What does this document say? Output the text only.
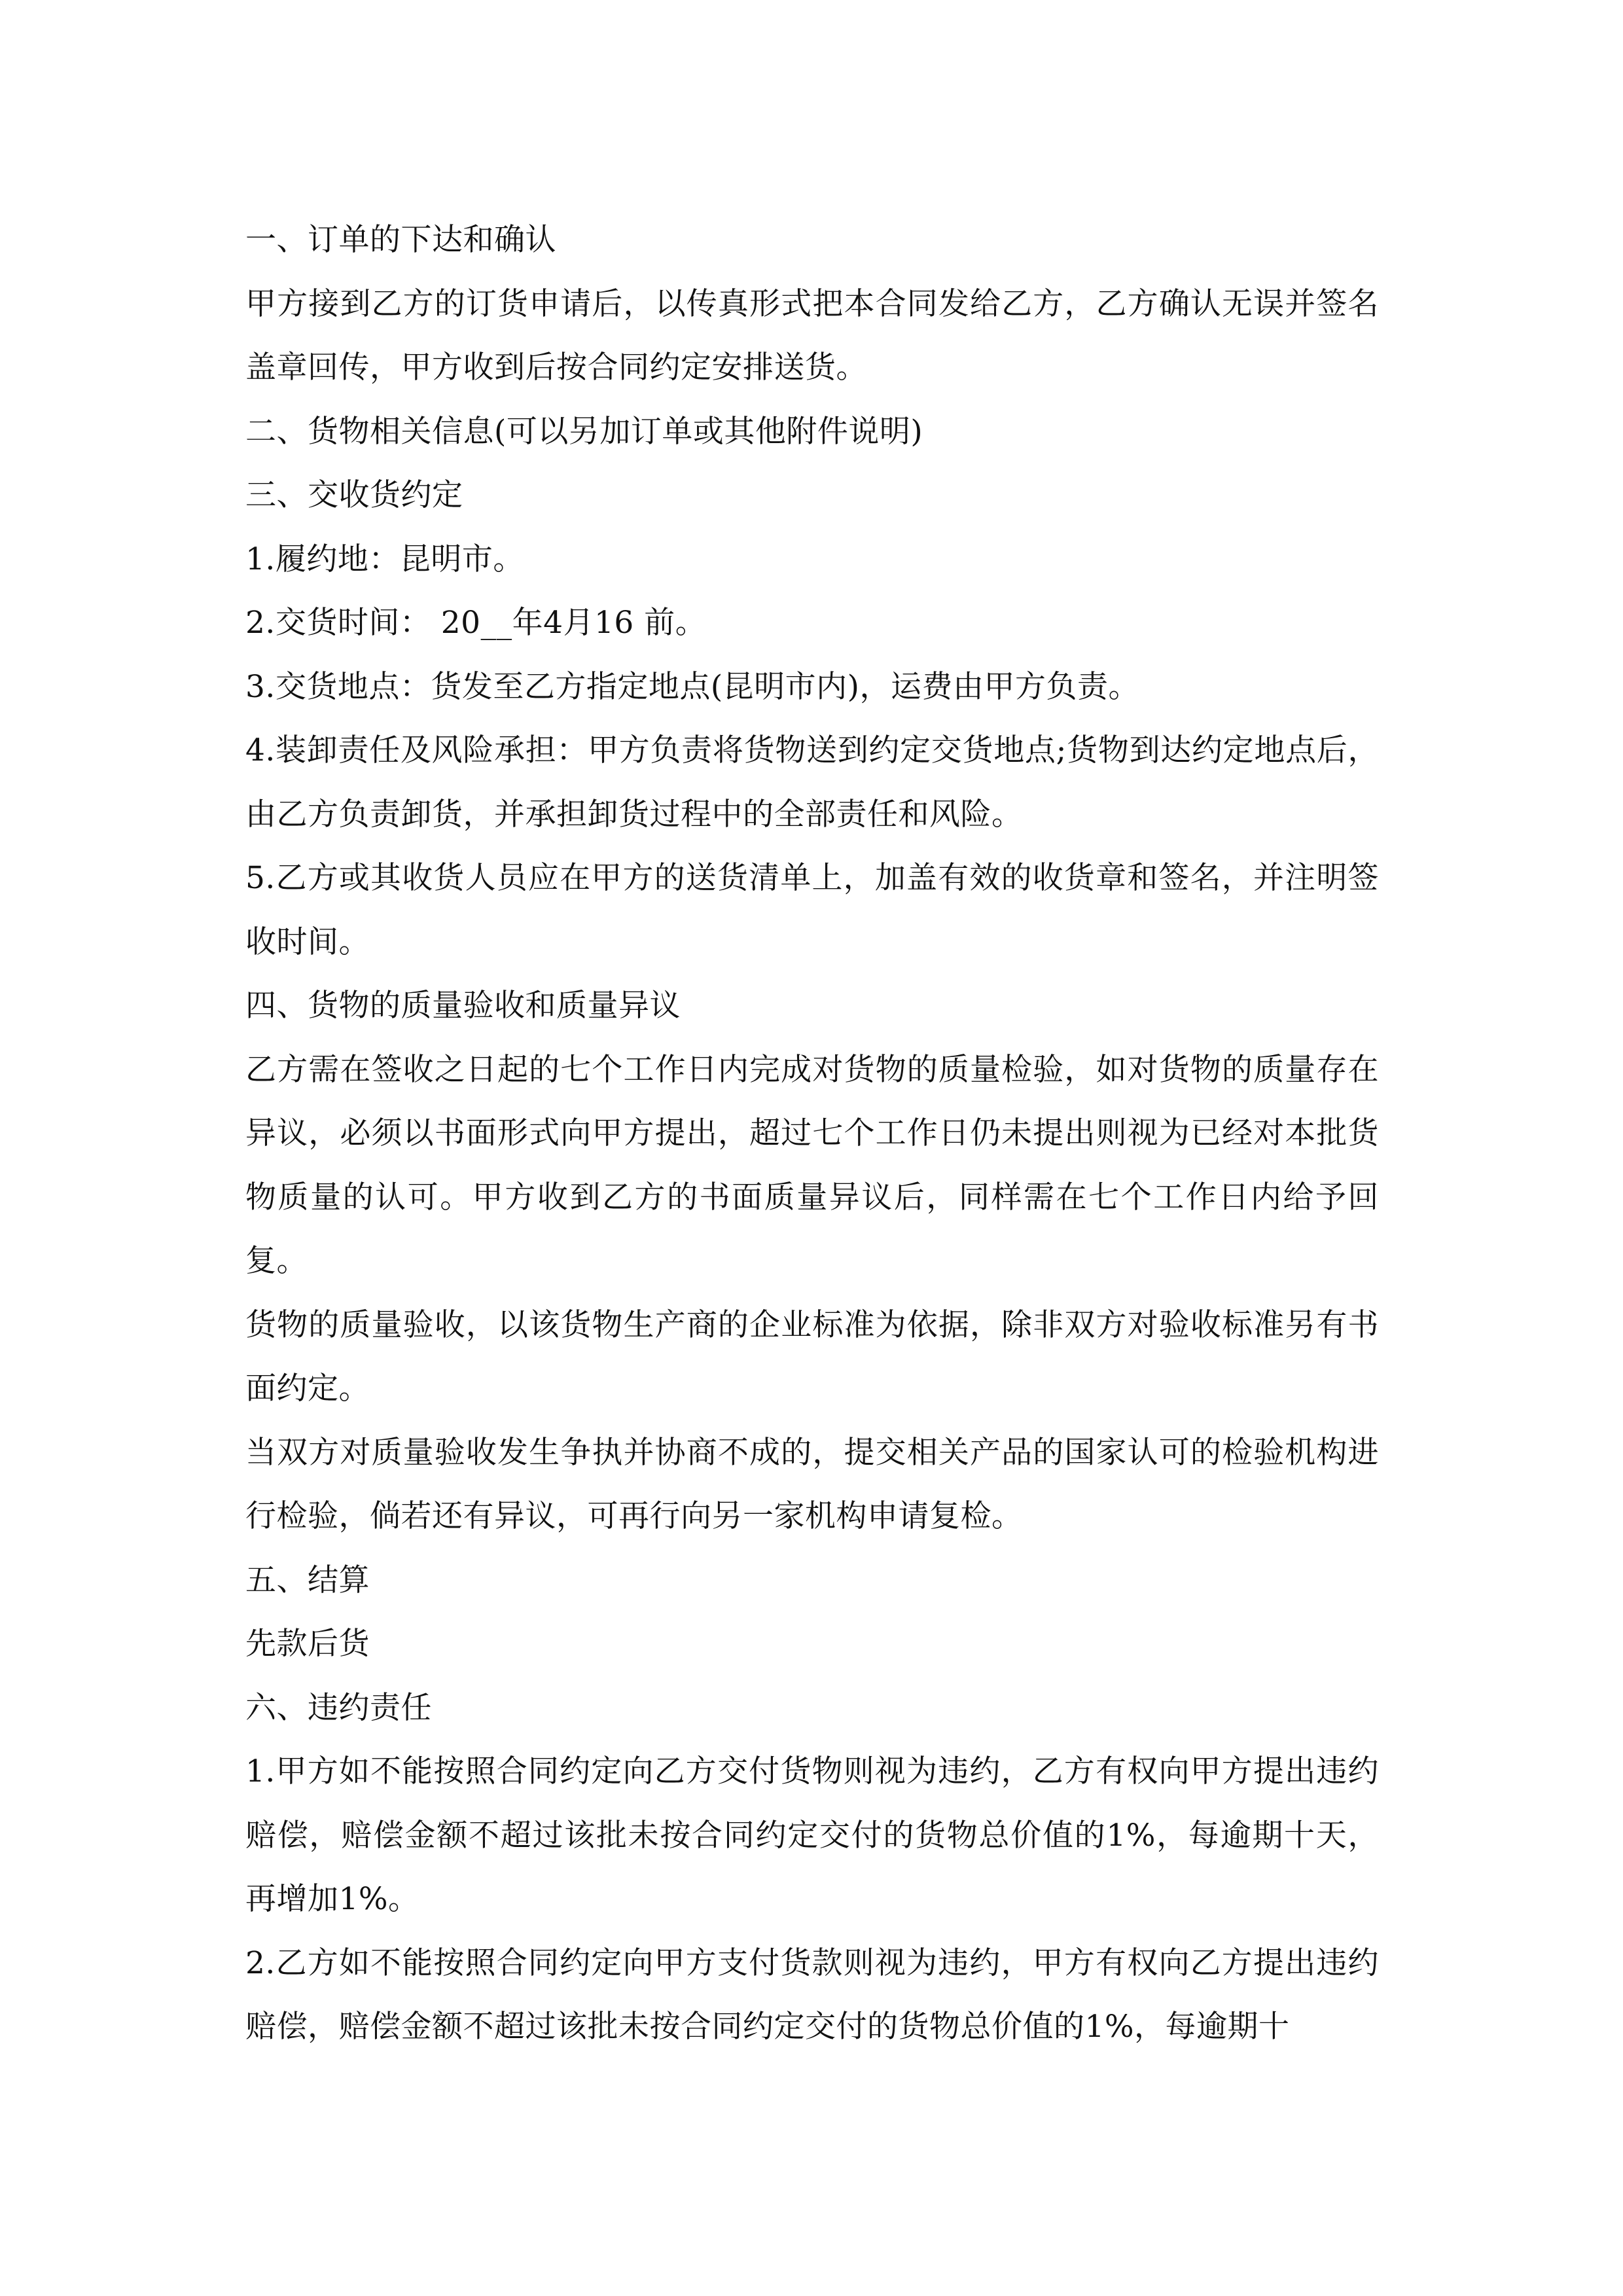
一、订单的下达和确认

甲方接到乙方的订货申请后，以传真形式把本合同发给乙方，乙方确认无误并签名盖章回传，甲方收到后按合同约定安排送货。

二、货物相关信息(可以另加订单或其他附件说明)

三、交收货约定

1.履约地：昆明市。

2.交货时间： 20__年4月16 前。

3.交货地点：货发至乙方指定地点(昆明市内)，运费由甲方负责。

4.装卸责任及风险承担：甲方负责将货物送到约定交货地点;货物到达约定地点后，由乙方负责卸货，并承担卸货过程中的全部责任和风险。

5.乙方或其收货人员应在甲方的送货清单上，加盖有效的收货章和签名，并注明签收时间。

四、货物的质量验收和质量异议

乙方需在签收之日起的七个工作日内完成对货物的质量检验，如对货物的质量存在异议，必须以书面形式向甲方提出，超过七个工作日仍未提出则视为已经对本批货物质量的认可。甲方收到乙方的书面质量异议后，同样需在七个工作日内给予回复。

货物的质量验收，以该货物生产商的企业标准为依据，除非双方对验收标准另有书面约定。

当双方对质量验收发生争执并协商不成的，提交相关产品的国家认可的检验机构进行检验，倘若还有异议，可再行向另一家机构申请复检。

五、结算

先款后货

六、违约责任

1.甲方如不能按照合同约定向乙方交付货物则视为违约，乙方有权向甲方提出违约赔偿，赔偿金额不超过该批未按合同约定交付的货物总价值的1%，每逾期十天，再增加1%。

2.乙方如不能按照合同约定向甲方支付货款则视为违约，甲方有权向乙方提出违约赔偿，赔偿金额不超过该批未按合同约定交付的货物总价值的1%，每逾期十
